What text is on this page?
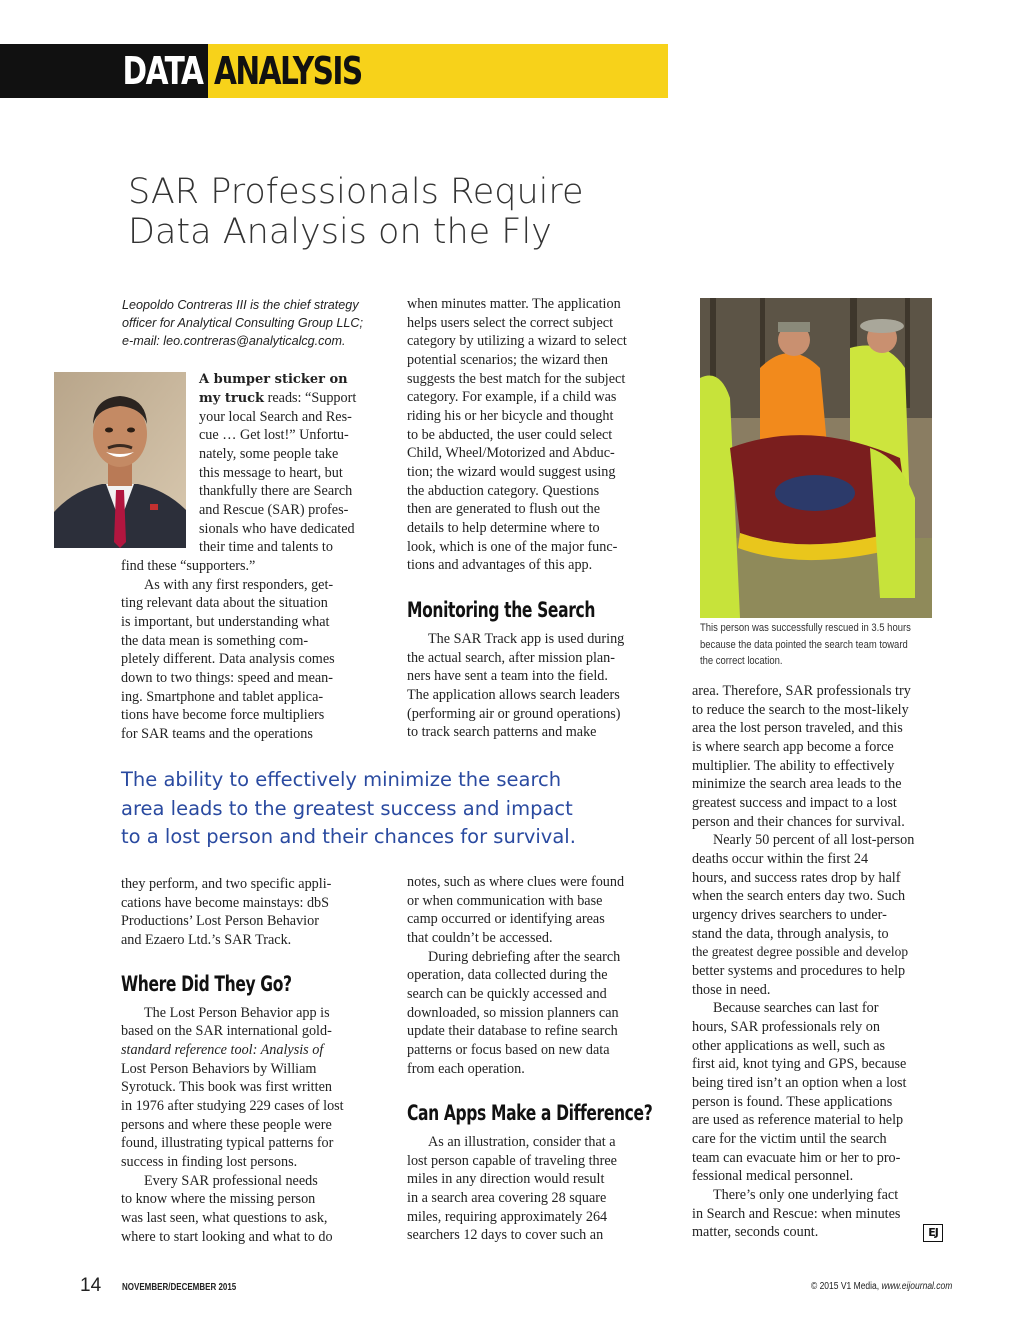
DATA ANALYSIS
SAR Professionals Require
Data Analysis on the Fly
Leopoldo Contreras III is the chief strategy
officer for Analytical Consulting Group LLC;
e-mail: leo.contreras@analyticalcg.com.
A bumper sticker on
my truck reads: “Support
your local Search and Res-
cue … Get lost!” Unfortu-
nately, some people take
this message to heart, but
thankfully there are Search
and Rescue (SAR) profes-
sionals who have dedicated
their time and talents to
find these “supporters.”
As with any first responders, get-
ting relevant data about the situation
is important, but understanding what
the data mean is something com-
pletely different. Data analysis comes
down to two things: speed and mean-
ing. Smartphone and tablet applica-
tions have become force multipliers
for SAR teams and the operations
when minutes matter. The application
helps users select the correct subject
category by utilizing a wizard to select
potential scenarios; the wizard then
suggests the best match for the subject
category. For example, if a child was
riding his or her bicycle and thought
to be abducted, the user could select
Child, Wheel/Motorized and Abduc-
tion; the wizard would suggest using
the abduction category. Questions
then are generated to flush out the
details to help determine where to
look, which is one of the major func-
tions and advantages of this app.
Monitoring the Search
The SAR Track app is used during
the actual search, after mission plan-
ners have sent a team into the field.
The application allows search leaders
(performing air or ground operations)
to track search patterns and make
This person was successfully rescued in 3.5 hours
because the data pointed the search team toward
the correct location.
The ability to effectively minimize the search
area leads to the greatest success and impact
to a lost person and their chances for survival.
they perform, and two specific appli-
cations have become mainstays: dbS
Productions’ Lost Person Behavior
and Ezaero Ltd.’s SAR Track.
Where Did They Go?
The Lost Person Behavior app is
based on the SAR international gold-
standard reference tool: Analysis of
Lost Person Behaviors by William
Syrotuck. This book was first written
in 1976 after studying 229 cases of lost
persons and where these people were
found, illustrating typical patterns for
success in finding lost persons.
Every SAR professional needs
to know where the missing person
was last seen, what questions to ask,
where to start looking and what to do
notes, such as where clues were found
or when communication with base
camp occurred or identifying areas
that couldn’t be accessed.
During debriefing after the search
operation, data collected during the
search can be quickly accessed and
downloaded, so mission planners can
update their database to refine search
patterns or focus based on new data
from each operation.
Can Apps Make a Difference?
As an illustration, consider that a
lost person capable of traveling three
miles in any direction would result
in a search area covering 28 square
miles, requiring approximately 264
searchers 12 days to cover such an
area. Therefore, SAR professionals try
to reduce the search to the most-likely
area the lost person traveled, and this
is where search app become a force
multiplier. The ability to effectively
minimize the search area leads to the
greatest success and impact to a lost
person and their chances for survival.
Nearly 50 percent of all lost-person
deaths occur within the first 24
hours, and success rates drop by half
when the search enters day two. Such
urgency drives searchers to under-
stand the data, through analysis, to
the greatest degree possible and develop
better systems and procedures to help
those in need.
Because searches can last for
hours, SAR professionals rely on
other applications as well, such as
first aid, knot tying and GPS, because
being tired isn’t an option when a lost
person is found. These applications
are used as reference material to help
care for the victim until the search
team can evacuate him or her to pro-
fessional medical personnel.
There’s only one underlying fact
in Search and Rescue: when minutes
matter, seconds count.	EJ
14 NOVEMBER/DECEMBER 2015	© 2015 V1 Media, www.eijournal.com
